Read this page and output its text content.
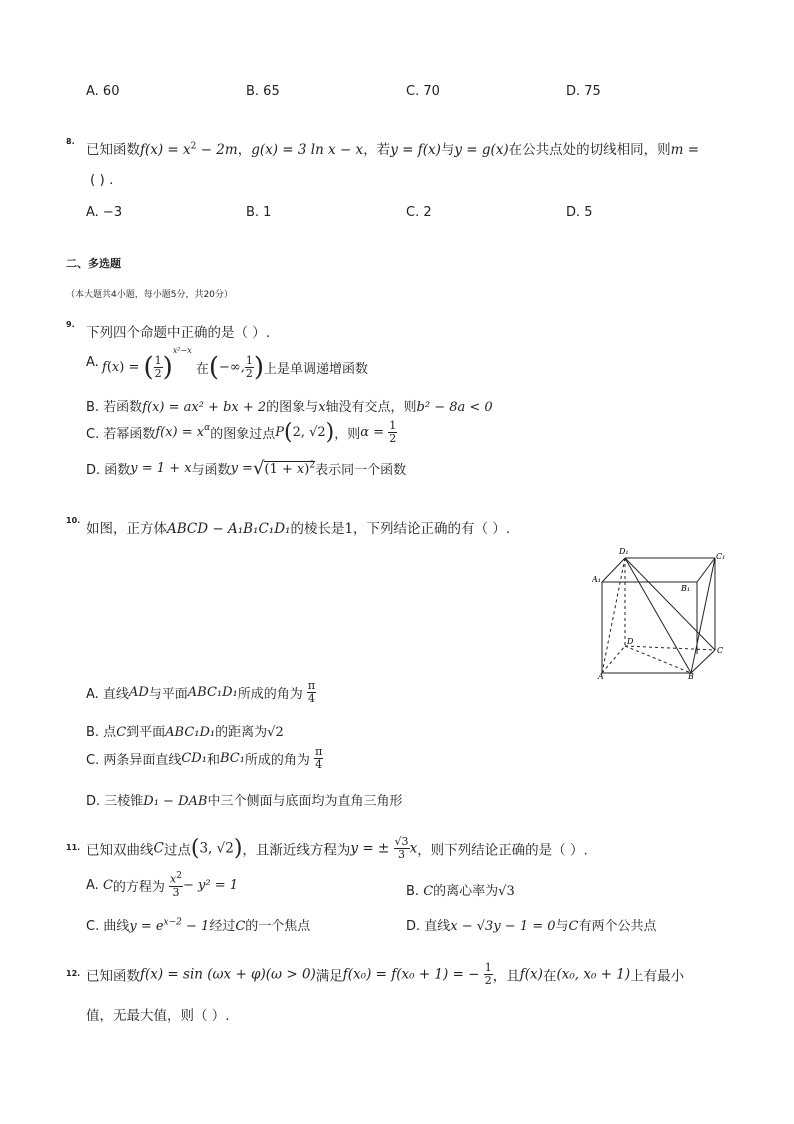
A. 60	B. 65	C. 70	D. 75
8.
已知函数$f(x) = x^2 - 2m$，g(x) = 3 ln x − x，若y = f(x)与y = g(x)在公共点处的切线相同，则m =
( ) .
A. −3	B. 1	C. 2	D. 5
二、多选题
（本大题共4小题，每小题5分，共20分）
9.
下列四个命题中正确的是（ ）.
A. f(x) = ( $\frac{1}{2} )^{x^2-x}$ 在(−∞, $\frac{1}{2}$ )上是单调递增函数
B. 若函数f(x) = ax² + bx + 2的图象与x轴没有交点，则b² − 8a < 0
C. 若幂函数$f(x) = x^\alpha$的图象过点P(2, √2)，则$\alpha = \frac{1}{2}$
D. 函数y = 1 + x与函数$y =√(1 + x)^2$表示同一个函数
10.
如图，正方体ABCD − A₁B₁C₁D₁的棱长是1，下列结论正确的有（ ）.
D₁
C₁
A₁
B₁
D
C
A	B
A. 直线AD与平面ABC₁D₁所成的角为 $\frac{\pi}{4}$
B. 点C到平面ABC₁D₁的距离为√2
C. 两条异面直线CD₁和BC₁所成的角为 $\frac{\pi}{4}$
D. 三棱锥D₁ − DAB中三个侧面与底面均为直角三角形
11. 已知双曲线C过点(3, √2)，且渐近线方程为y = ± $\frac{√3}{3}$ x，则下列结论正确的是（ ）.
A. C的方程为 $\frac{x^2}{3} - y^2 = 1$	B. C的离心率为√3
C. 曲线$y = e^{x-2} - 1$经过C的一个焦点	D. 直线x − √3y − 1 = 0与C有两个公共点
12. 已知函数f(x) = sin (ωx + φ)(ω > 0)满足f(x₀) = f(x₀ + 1) = − $\frac{1}{2}$ ，且f(x)在(x₀, x₀ + 1)上有最小
值，无最大值，则（ ）.
